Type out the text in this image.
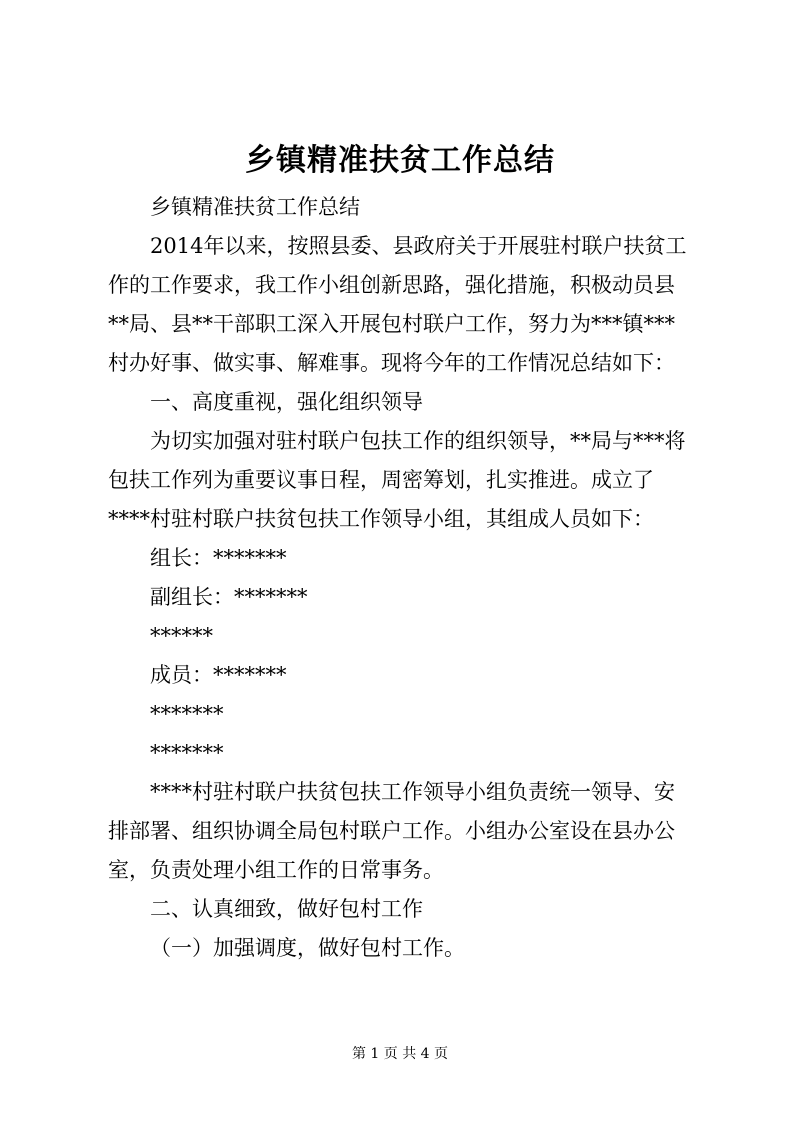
乡镇精准扶贫工作总结

乡镇精准扶贫工作总结

2014年以来，按照县委、县政府关于开展驻村联户扶贫工作的工作要求，我工作小组创新思路，强化措施，积极动员县**局、县**干部职工深入开展包村联户工作，努力为***镇***村办好事、做实事、解难事。现将今年的工作情况总结如下：

一、高度重视，强化组织领导

为切实加强对驻村联户包扶工作的组织领导，**局与***将包扶工作列为重要议事日程，周密筹划，扎实推进。成立了****村驻村联户扶贫包扶工作领导小组，其组成人员如下：

组长：*******

副组长：*******

******

成员：*******

*******

*******

****村驻村联户扶贫包扶工作领导小组负责统一领导、安排部署、组织协调全局包村联户工作。小组办公室设在县办公室，负责处理小组工作的日常事务。

二、认真细致，做好包村工作

（一）加强调度，做好包村工作。

第 1 页 共 4 页
